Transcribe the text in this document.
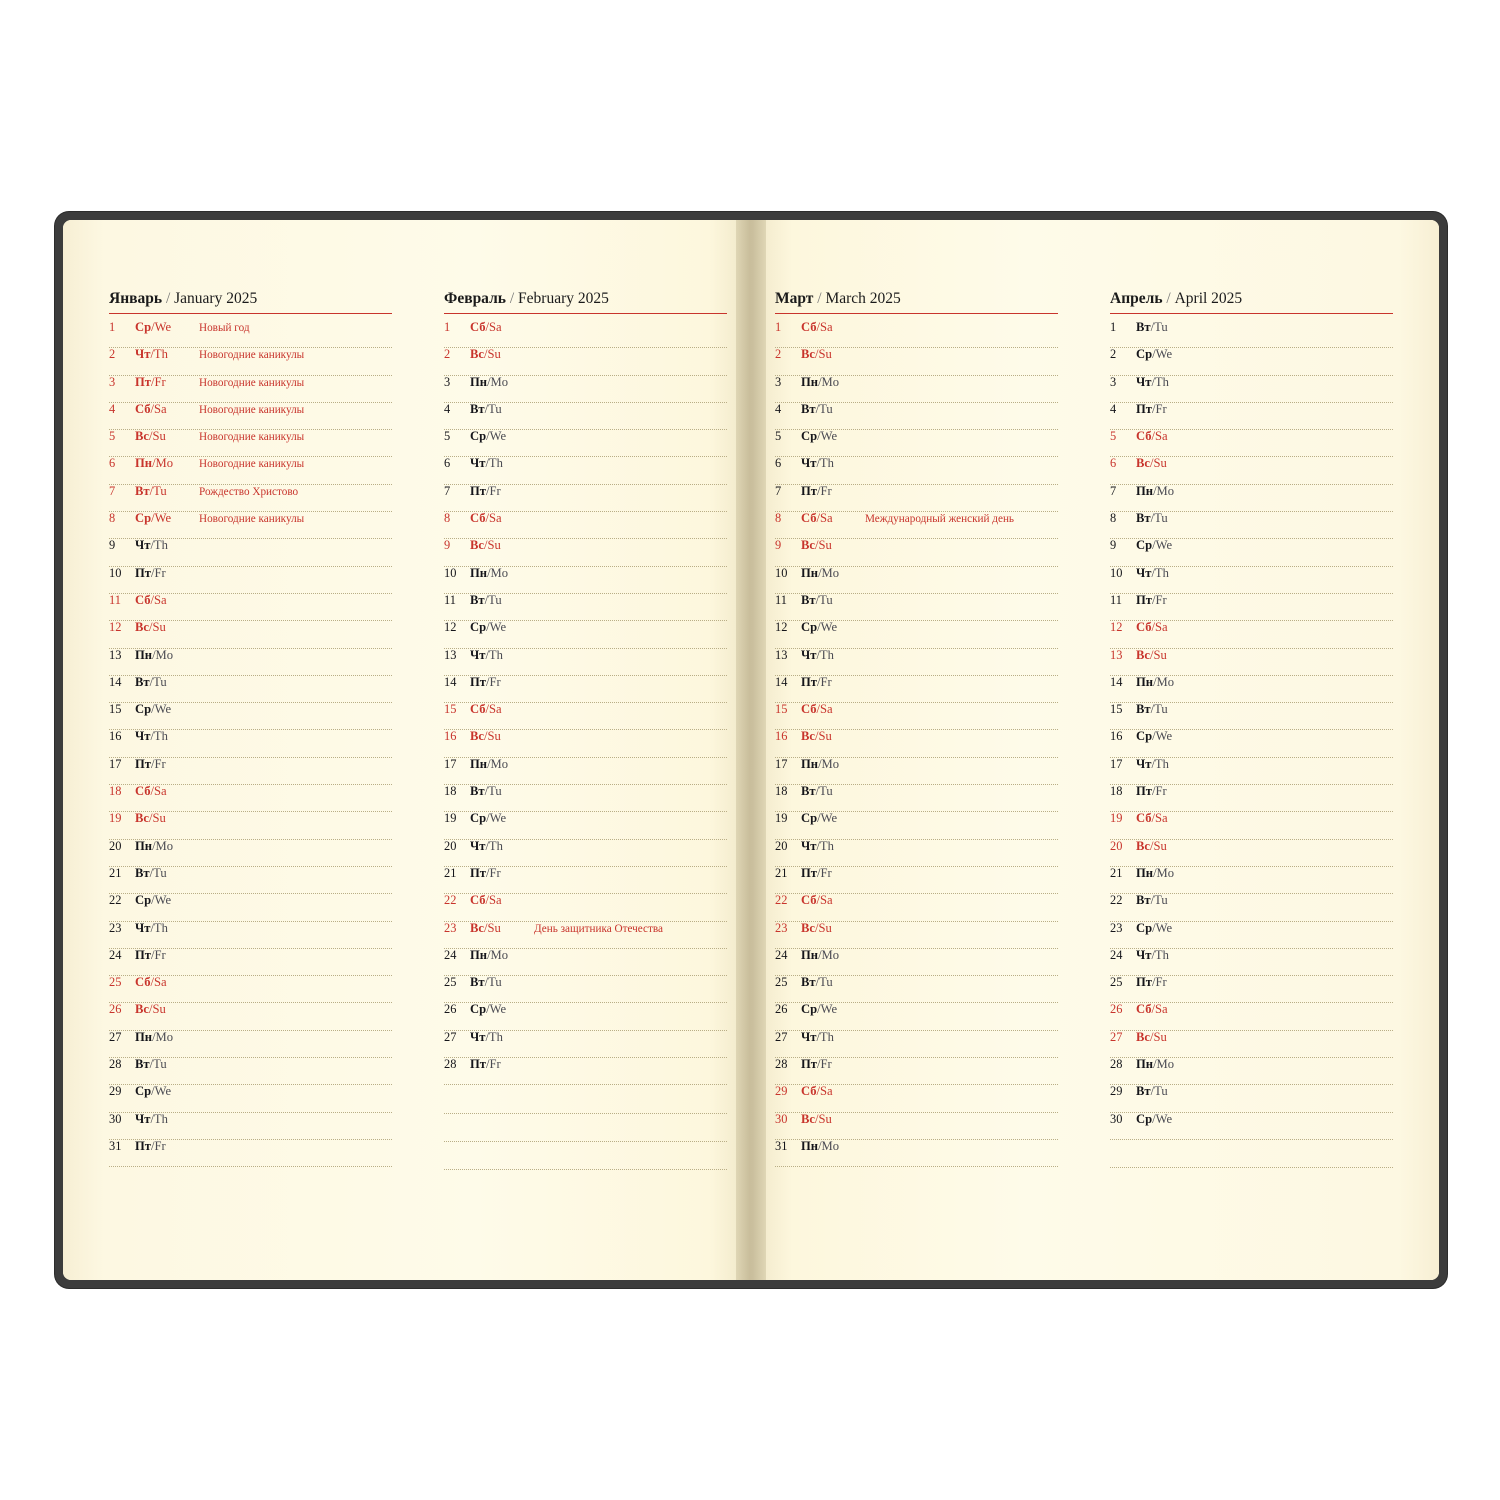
Январь / January 2025
1	Ср/We	Новый год
2	Чт/Th	Новогодние каникулы
3	Пт/Fr	Новогодние каникулы
4	Сб/Sa	Новогодние каникулы
5	Вс/Su	Новогодние каникулы
6	Пн/Mo	Новогодние каникулы
7	Вт/Tu	Рождество Христово
8	Ср/We	Новогодние каникулы
9	Чт/Th
10	Пт/Fr
11	Сб/Sa
12	Вс/Su
13	Пн/Mo
14	Вт/Tu
15	Ср/We
16	Чт/Th
17	Пт/Fr
18	Сб/Sa
19	Вс/Su
20	Пн/Mo
21	Вт/Tu
22	Ср/We
23	Чт/Th
24	Пт/Fr
25	Сб/Sa
26	Вс/Su
27	Пн/Mo
28	Вт/Tu
29	Ср/We
30	Чт/Th
31	Пт/Fr
Февраль / February 2025
1	Сб/Sa
2	Вс/Su
3	Пн/Mo
4	Вт/Tu
5	Ср/We
6	Чт/Th
7	Пт/Fr
8	Сб/Sa
9	Вс/Su
10	Пн/Mo
11	Вт/Tu
12	Ср/We
13	Чт/Th
14	Пт/Fr
15	Сб/Sa
16	Вс/Su
17	Пн/Mo
18	Вт/Tu
19	Ср/We
20	Чт/Th
21	Пт/Fr
22	Сб/Sa
23	Вс/Su	День защитника Отечества
24	Пн/Mo
25	Вт/Tu
26	Ср/We
27	Чт/Th
28	Пт/Fr
Март / March 2025
1	Сб/Sa
2	Вс/Su
3	Пн/Mo
4	Вт/Tu
5	Ср/We
6	Чт/Th
7	Пт/Fr
8	Сб/Sa	Международный женский день
9	Вс/Su
10	Пн/Mo
11	Вт/Tu
12	Ср/We
13	Чт/Th
14	Пт/Fr
15	Сб/Sa
16	Вс/Su
17	Пн/Mo
18	Вт/Tu
19	Ср/We
20	Чт/Th
21	Пт/Fr
22	Сб/Sa
23	Вс/Su
24	Пн/Mo
25	Вт/Tu
26	Ср/We
27	Чт/Th
28	Пт/Fr
29	Сб/Sa
30	Вс/Su
31	Пн/Mo
Апрель / April 2025
1	Вт/Tu
2	Ср/We
3	Чт/Th
4	Пт/Fr
5	Сб/Sa
6	Вс/Su
7	Пн/Mo
8	Вт/Tu
9	Ср/We
10	Чт/Th
11	Пт/Fr
12	Сб/Sa
13	Вс/Su
14	Пн/Mo
15	Вт/Tu
16	Ср/We
17	Чт/Th
18	Пт/Fr
19	Сб/Sa
20	Вс/Su
21	Пн/Mo
22	Вт/Tu
23	Ср/We
24	Чт/Th
25	Пт/Fr
26	Сб/Sa
27	Вс/Su
28	Пн/Mo
29	Вт/Tu
30	Ср/We
